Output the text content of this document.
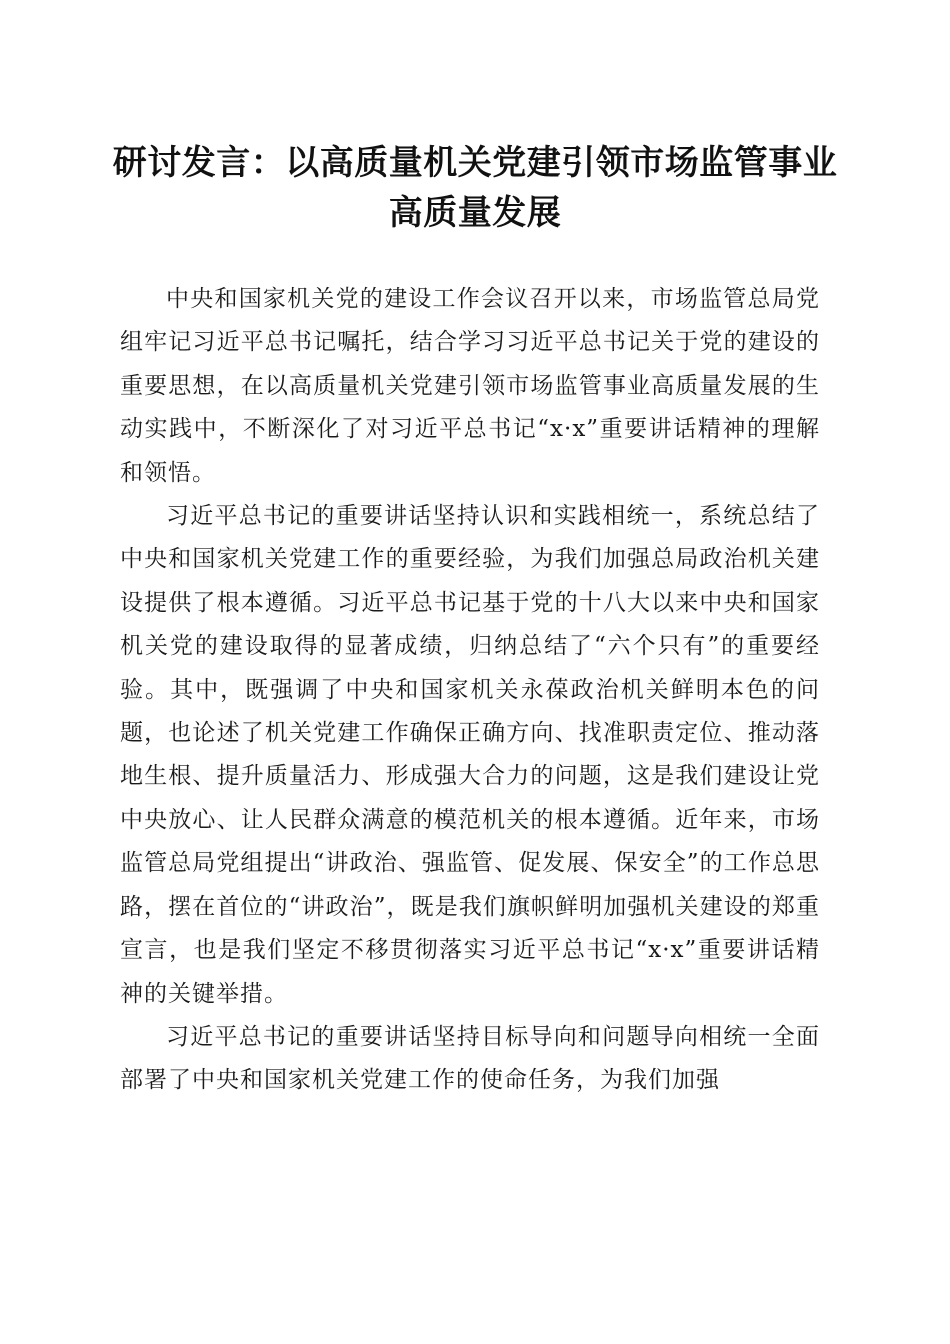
研讨发言：以高质量机关党建引领市场监管事业高质量发展

中央和国家机关党的建设工作会议召开以来，市场监管总局党组牢记习近平总书记嘱托，结合学习习近平总书记关于党的建设的重要思想，在以高质量机关党建引领市场监管事业高质量发展的生动实践中，不断深化了对习近平总书记“x·x”重要讲话精神的理解和领悟。

习近平总书记的重要讲话坚持认识和实践相统一，系统总结了中央和国家机关党建工作的重要经验，为我们加强总局政治机关建设提供了根本遵循。习近平总书记基于党的十八大以来中央和国家机关党的建设取得的显著成绩，归纳总结了“六个只有”的重要经验。其中，既强调了中央和国家机关永葆政治机关鲜明本色的问题，也论述了机关党建工作确保正确方向、找准职责定位、推动落地生根、提升质量活力、形成强大合力的问题，这是我们建设让党中央放心、让人民群众满意的模范机关的根本遵循。近年来，市场监管总局党组提出“讲政治、强监管、促发展、保安全”的工作总思路，摆在首位的“讲政治”，既是我们旗帜鲜明加强机关建设的郑重宣言，也是我们坚定不移贯彻落实习近平总书记“x·x”重要讲话精神的关键举措。

习近平总书记的重要讲话坚持目标导向和问题导向相统一全面部署了中央和国家机关党建工作的使命任务，为我们加强
